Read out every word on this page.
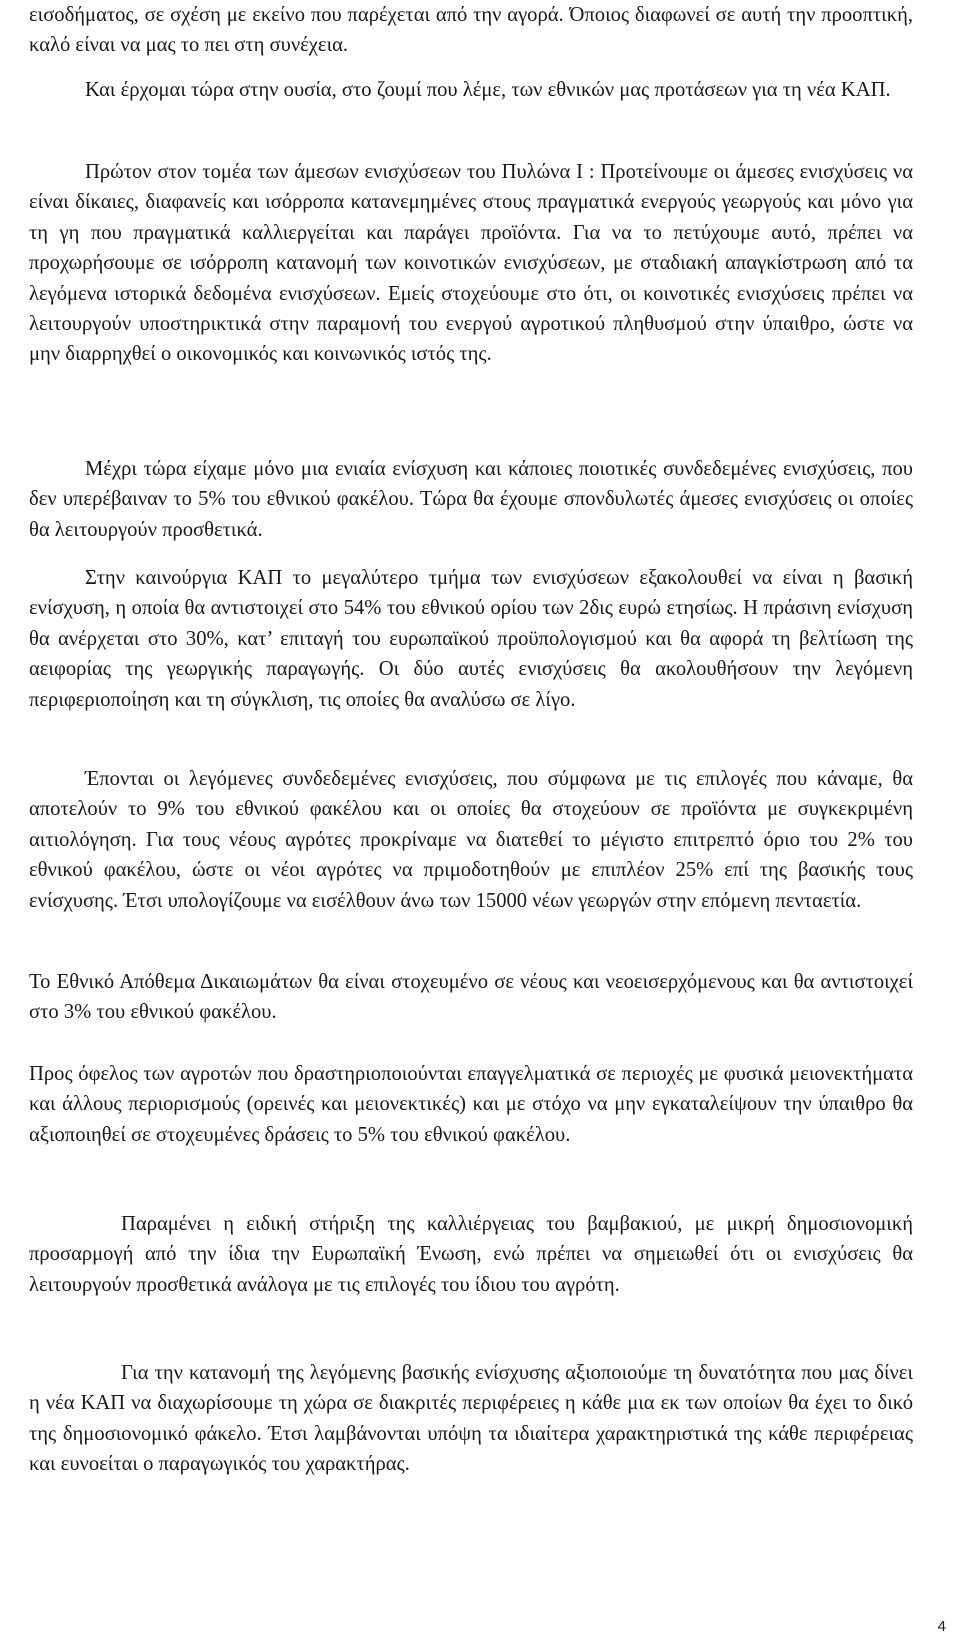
εισοδήματος, σε σχέση με εκείνο που παρέχεται από την αγορά. Όποιος διαφωνεί σε αυτή την προοπτική, καλό είναι να μας το πει στη συνέχεια.

Και έρχομαι τώρα στην ουσία, στο ζουμί που λέμε, των εθνικών μας προτάσεων για τη νέα ΚΑΠ.

Πρώτον στον τομέα των άμεσων ενισχύσεων του Πυλώνα Ι : Προτείνουμε οι άμεσες ενισχύσεις να είναι δίκαιες, διαφανείς και ισόρροπα κατανεμημένες στους πραγματικά ενεργούς γεωργούς και μόνο για τη γη που πραγματικά καλλιεργείται και παράγει προϊόντα. Για να το πετύχουμε αυτό, πρέπει να προχωρήσουμε σε ισόρροπη κατανομή των κοινοτικών ενισχύσεων, με σταδιακή απαγκίστρωση από τα λεγόμενα ιστορικά δεδομένα ενισχύσεων. Εμείς στοχεύουμε στο ότι, οι κοινοτικές ενισχύσεις πρέπει να λειτουργούν υποστηρικτικά στην παραμονή του ενεργού αγροτικού πληθυσμού στην ύπαιθρο, ώστε να μην διαρρηχθεί ο οικονομικός και κοινωνικός ιστός της.

Μέχρι τώρα είχαμε μόνο μια ενιαία ενίσχυση και κάποιες ποιοτικές συνδεδεμένες ενισχύσεις, που δεν υπερέβαιναν το 5% του εθνικού φακέλου. Τώρα θα έχουμε σπονδυλωτές άμεσες ενισχύσεις οι οποίες θα λειτουργούν προσθετικά.

Στην καινούργια ΚΑΠ το μεγαλύτερο τμήμα των ενισχύσεων εξακολουθεί να είναι η βασική ενίσχυση, η οποία θα αντιστοιχεί στο 54% του εθνικού ορίου των 2δις ευρώ ετησίως. Η πράσινη ενίσχυση θα ανέρχεται στο 30%, κατ’ επιταγή του ευρωπαϊκού προϋπολογισμού και θα αφορά τη βελτίωση της αειφορίας της γεωργικής παραγωγής. Οι δύο αυτές ενισχύσεις θα ακολουθήσουν την λεγόμενη περιφεριοποίηση και τη σύγκλιση, τις οποίες θα αναλύσω σε λίγο.

Έπονται οι λεγόμενες συνδεδεμένες ενισχύσεις, που σύμφωνα με τις επιλογές που κάναμε, θα αποτελούν το 9% του εθνικού φακέλου και οι οποίες θα στοχεύουν σε προϊόντα με συγκεκριμένη αιτιολόγηση. Για τους νέους αγρότες προκρίναμε να διατεθεί το μέγιστο επιτρεπτό όριο του 2% του εθνικού φακέλου, ώστε οι νέοι αγρότες να πριμοδοτηθούν με επιπλέον 25% επί της βασικής τους ενίσχυσης. Έτσι υπολογίζουμε να εισέλθουν άνω των 15000 νέων γεωργών στην επόμενη πενταετία.

Το Εθνικό Απόθεμα Δικαιωμάτων θα είναι στοχευμένο σε νέους και νεοεισερχόμενους και θα αντιστοιχεί στο 3% του εθνικού φακέλου.

Προς όφελος των αγροτών που δραστηριοποιούνται επαγγελματικά σε περιοχές με φυσικά μειονεκτήματα και άλλους περιορισμούς (ορεινές και μειονεκτικές) και με στόχο να μην εγκαταλείψουν την ύπαιθρο θα αξιοποιηθεί σε στοχευμένες δράσεις το 5% του εθνικού φακέλου.

Παραμένει η ειδική στήριξη της καλλιέργειας του βαμβακιού, με μικρή δημοσιονομική προσαρμογή από την ίδια την Ευρωπαϊκή Ένωση, ενώ πρέπει να σημειωθεί ότι οι ενισχύσεις θα λειτουργούν προσθετικά ανάλογα με τις επιλογές του ίδιου του αγρότη.

Για την κατανομή της λεγόμενης βασικής ενίσχυσης αξιοποιούμε τη δυνατότητα που μας δίνει η νέα ΚΑΠ να διαχωρίσουμε τη χώρα σε διακριτές περιφέρειες η κάθε μια εκ των οποίων θα έχει το δικό της δημοσιονομικό φάκελο. Έτσι λαμβάνονται υπόψη τα ιδιαίτερα χαρακτηριστικά της κάθε περιφέρειας και ευνοείται ο παραγωγικός του χαρακτήρας.

4
